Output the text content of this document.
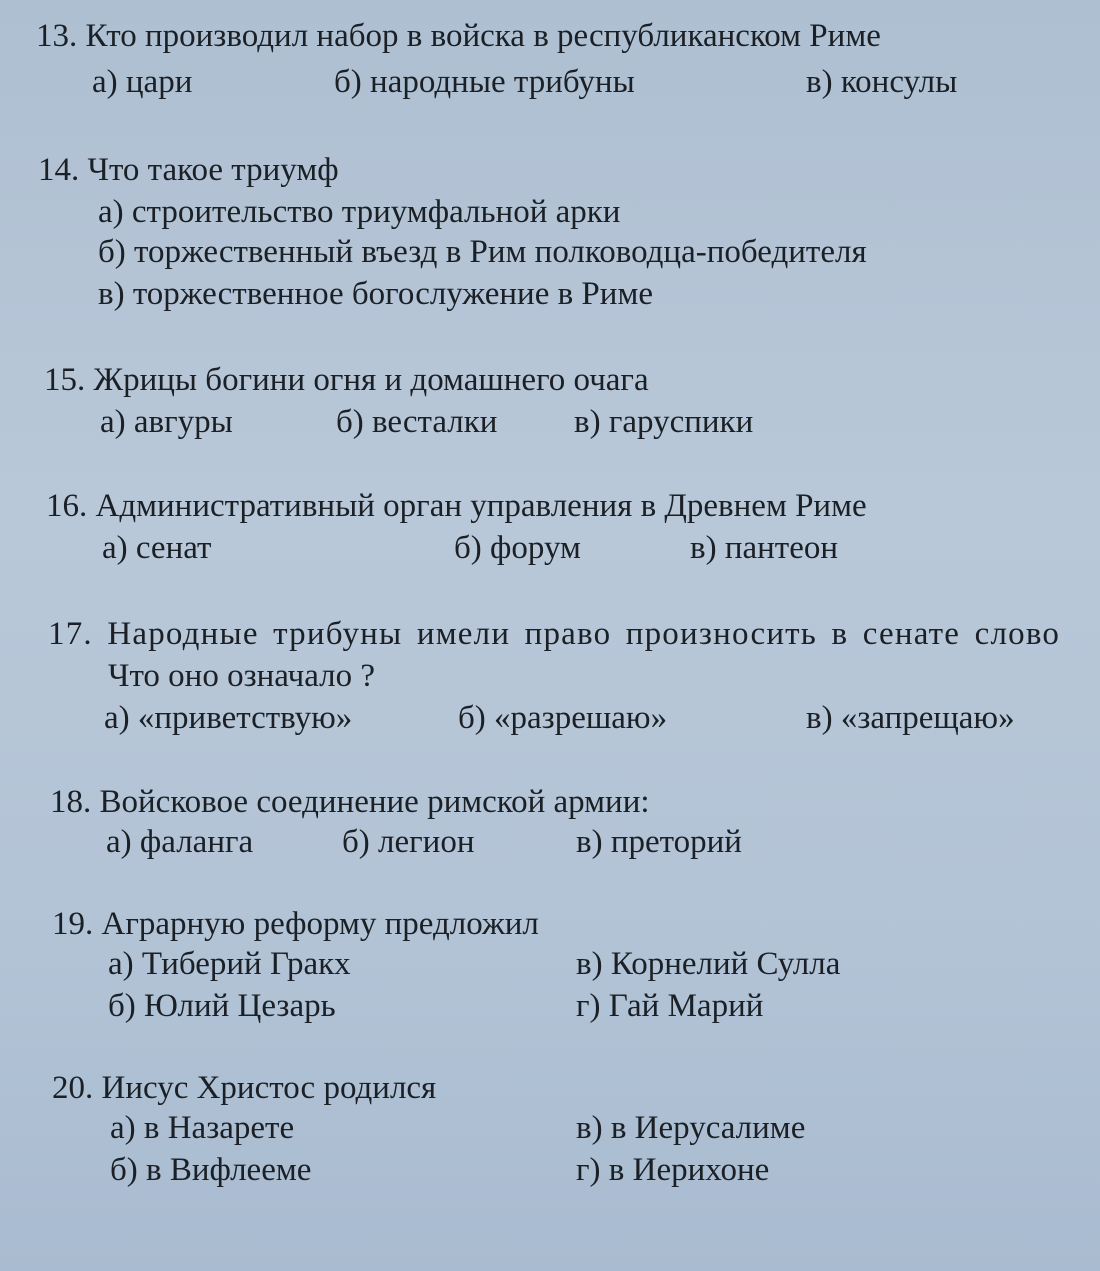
13. Кто производил набор в войска в республиканском Риме
а) цари	б) народные трибуны	в) консулы
14. Что такое триумф
а) строительство триумфальной арки
б) торжественный въезд в Рим полководца-победителя
в) торжественное богослужение в Риме
15. Жрицы богини огня и домашнего очага
а) авгуры	б) весталки в) гаруспики
16. Административный орган управления в Древнем Риме
а) сенат	б) форум	в) пантеон
17. Народные трибуны имели право произносить в сенате слово
Что оно означало ?
а) «приветствую»	б) «разрешаю»	в) «запрещаю»
18. Войсковое соединение римской армии:
а) фаланга	б) легион	в) преторий
19. Аграрную реформу предложил
а) Тиберий Гракх
б) Юлий Цезарь
в) Корнелий Сулла
г) Гай Марий
20. Иисус Христос родился
а) в Назарете
б) в Вифлееме
в) в Иерусалиме
г) в Иерихоне
